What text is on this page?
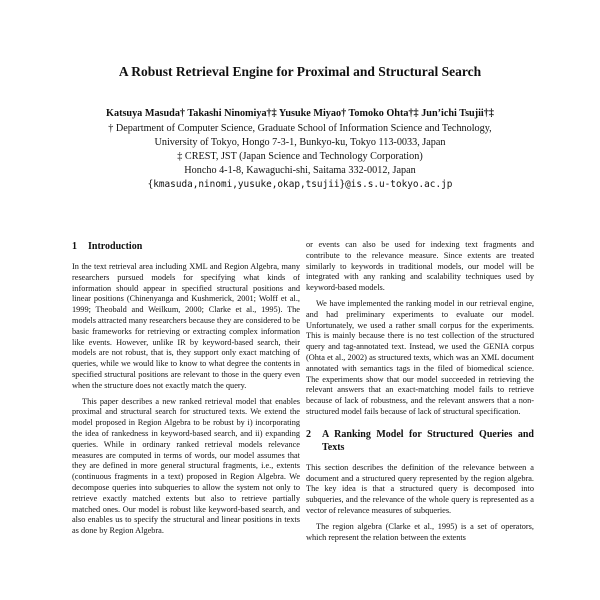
A Robust Retrieval Engine for Proximal and Structural Search
Katsuya Masuda† Takashi Ninomiya†‡ Yusuke Miyao† Tomoko Ohta†‡ Jun’ichi Tsujii†‡
† Department of Computer Science, Graduate School of Information Science and Technology,
University of Tokyo, Hongo 7-3-1, Bunkyo-ku, Tokyo 113-0033, Japan
‡ CREST, JST (Japan Science and Technology Corporation)
Honcho 4-1-8, Kawaguchi-shi, Saitama 332-0012, Japan
{kmasuda,ninomi,yusuke,okap,tsujii}@is.s.u-tokyo.ac.jp
1	Introduction

In the text retrieval area including XML and Region Algebra, many researchers pursued models for specifying what kinds of information should appear in specified structural positions and linear positions (Chinenyanga and Kushmerick, 2001; Wolff et al., 1999; Theobald and Weilkum, 2000; Clarke et al., 1995). The models attracted many researchers because they are considered to be basic frameworks for retrieving or extracting complex information like events. However, unlike IR by keyword-based search, their models are not robust, that is, they support only exact matching of queries, while we would like to know to what degree the contents in specified structural positions are relevant to those in the query even when the structure does not exactly match the query.

This paper describes a new ranked retrieval model that enables proximal and structural search for structured texts. We extend the model proposed in Region Algebra to be robust by i) incorporating the idea of rankedness in keyword-based search, and ii) expanding queries. While in ordinary ranked retrieval models relevance measures are computed in terms of words, our model assumes that they are defined in more general structural fragments, i.e., extents (continuous fragments in a text) proposed in Region Algebra. We decompose queries into subqueries to allow the system not only to retrieve exactly matched extents but also to retrieve partially matched ones. Our model is robust like keyword-based search, and also enables us to specify the structural and linear positions in texts as done by Region Algebra.

or events can also be used for indexing text fragments and contribute to the relevance measure. Since extents are treated similarly to keywords in traditional models, our model will be integrated with any ranking and scalability techniques used by keyword-based models.

We have implemented the ranking model in our retrieval engine, and had preliminary experiments to evaluate our model. Unfortunately, we used a rather small corpus for the experiments. This is mainly because there is no test collection of the structured query and tag-annotated text. Instead, we used the GENIA corpus (Ohta et al., 2002) as structured texts, which was an XML document annotated with semantics tags in the filed of biomedical science. The experiments show that our model succeeded in retrieving the relevant answers that an exact-matching model fails to retrieve because of lack of robustness, and the relevant answers that a non-structured model fails because of lack of structural specification.

2	A Ranking Model for Structured Queries and Texts

This section describes the definition of the relevance between a document and a structured query represented by the region algebra. The key idea is that a structured query is decomposed into subqueries, and the relevance of the whole query is represented as a vector of relevance measures of subqueries.

The region algebra (Clarke et al., 1995) is a set of operators, which represent the relation between the extents
